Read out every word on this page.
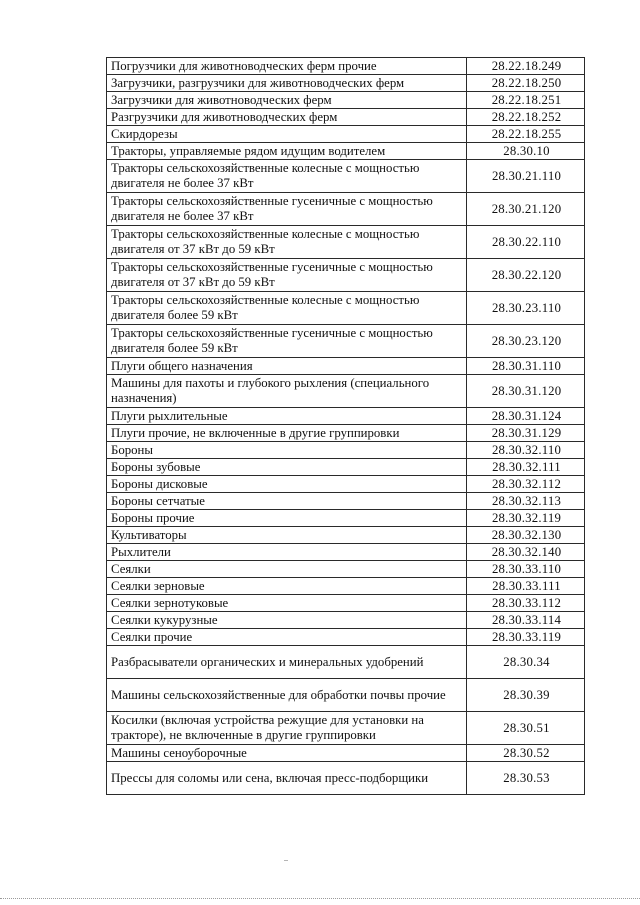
Погрузчики для животноводческих ферм прочие	28.22.18.249
Загрузчики, разгрузчики для животноводческих ферм	28.22.18.250
Загрузчики для животноводческих ферм	28.22.18.251
Разгрузчики для животноводческих ферм	28.22.18.252
Скирдорезы	28.22.18.255
Тракторы, управляемые рядом идущим водителем	28.30.10
Тракторы сельскохозяйственные колесные с мощностью двигателя не более 37 кВт	28.30.21.110
Тракторы сельскохозяйственные гусеничные с мощностью двигателя не более 37 кВт	28.30.21.120
Тракторы сельскохозяйственные колесные с мощностью двигателя от 37 кВт до 59 кВт	28.30.22.110
Тракторы сельскохозяйственные гусеничные с мощностью двигателя от 37 кВт до 59 кВт	28.30.22.120
Тракторы сельскохозяйственные колесные с мощностью двигателя более 59 кВт	28.30.23.110
Тракторы сельскохозяйственные гусеничные с мощностью двигателя более 59 кВт	28.30.23.120
Плуги общего назначения	28.30.31.110
Машины для пахоты и глубокого рыхления (специального назначения)	28.30.31.120
Плуги рыхлительные	28.30.31.124
Плуги прочие, не включенные в другие группировки	28.30.31.129
Бороны	28.30.32.110
Бороны зубовые	28.30.32.111
Бороны дисковые	28.30.32.112
Бороны сетчатые	28.30.32.113
Бороны прочие	28.30.32.119
Культиваторы	28.30.32.130
Рыхлители	28.30.32.140
Сеялки	28.30.33.110
Сеялки зерновые	28.30.33.111
Сеялки зернотуковые	28.30.33.112
Сеялки кукурузные	28.30.33.114
Сеялки прочие	28.30.33.119
Разбрасыватели органических и минеральных удобрений	28.30.34
Машины сельскохозяйственные для обработки почвы прочие	28.30.39
Косилки (включая устройства режущие для установки на тракторе), не включенные в другие группировки	28.30.51
Машины сеноуборочные	28.30.52
Прессы для соломы или сена, включая пресс-подборщики	28.30.53
